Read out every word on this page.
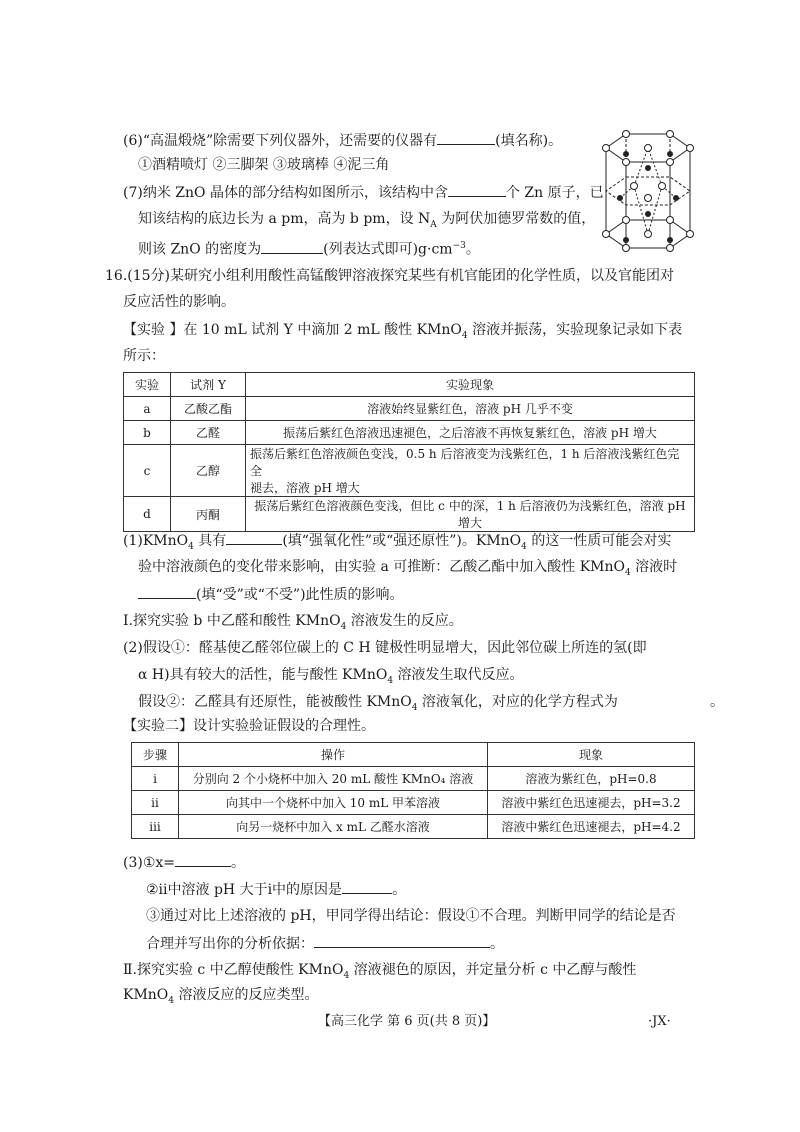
(6)“高温煅烧”除需要下列仪器外，还需要的仪器有	(填名称)。
①酒精喷灯 ②三脚架 ③玻璃棒 ④泥三角
(7)纳米 ZnO 晶体的部分结构如图所示，该结构中含	个 Zn 原子，已
知该结构的底边长为 a pm，高为 b pm，设 $N_A$ 为阿伏加德罗常数的值，
则该 ZnO 的密度为	(列表达式即可)$g\cdot cm^{-3}$。
16.(15分)某研究小组利用酸性高锰酸钾溶液探究某些有机官能团的化学性质，以及官能团对
反应活性的影响。
【实验 】在 10 mL 试剂 Y 中滴加 2 mL 酸性 KMnO$_4$ 溶液并振荡，实验现象记录如下表
所示：
实验	试剂 Y	实验现象
a	乙酸乙酯	溶液始终显紫红色，溶液 pH 几乎不变
b	乙醛	振荡后紫红色溶液迅速褪色，之后溶液不再恢复紫红色，溶液 pH 增大
c	乙醇	振荡后紫红色溶液颜色变浅，0.5 h 后溶液变为浅紫红色，1 h 后溶液浅紫红色完全
褪去，溶液 pH 增大

d	丙酮	振荡后紫红色溶液颜色变浅，但比 c 中的深，1 h 后溶液仍为浅紫红色，溶液 pH 增大
(1)KMnO$_4$ 具有	(填“强氧化性”或“强还原性”)。KMnO$_4$ 的这一性质可能会对实
验中溶液颜色的变化带来影响，由实验 a 可推断：乙酸乙酯中加入酸性 KMnO$_4$ 溶液时
(填“受”或“不受”)此性质的影响。
Ⅰ.探究实验 b 中乙醛和酸性 KMnO$_4$ 溶液发生的反应。
(2)假设①：醛基使乙醛邻位碳上的 C H 键极性明显增大，因此邻位碳上所连的氢(即
α H)具有较大的活性，能与酸性 KMnO$_4$ 溶液发生取代反应。
假设②：乙醛具有还原性，能被酸性 KMnO$_4$ 溶液氧化，对应的化学方程式为	。
【实验二】设计实验验证假设的合理性。
步骤	操作	现象
ⅰ	分别向 2 个小烧杯中加入 20 mL 酸性 KMnO₄ 溶液	溶液为紫红色，pH=0.8
ⅱ	向其中一个烧杯中加入 10 mL 甲苯溶液	溶液中紫红色迅速褪去，pH=3.2
ⅲ	向另一烧杯中加入 x mL 乙醛水溶液	溶液中紫红色迅速褪去，pH=4.2
(3)①x=	。
②ⅱ中溶液 pH 大于ⅰ中的原因是	。
③通过对比上述溶液的 pH，甲同学得出结论：假设①不合理。判断甲同学的结论是否
合理并写出你的分析依据：	。
Ⅱ.探究实验 c 中乙醇使酸性 KMnO$_4$ 溶液褪色的原因，并定量分析 c 中乙醇与酸性
KMnO$_4$ 溶液反应的反应类型。
【高三化学 第 6 页(共 8 页)】	·JX·
